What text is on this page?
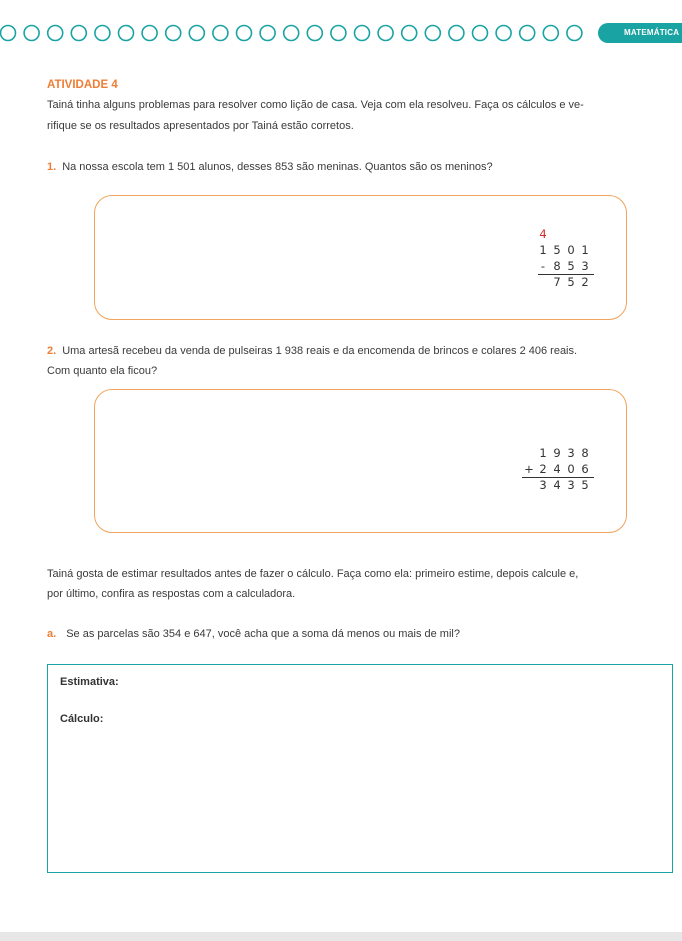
MATEMÁTICA
ATIVIDADE 4

Tainá tinha alguns problemas para resolver como lição de casa. Veja com ela resolveu. Faça os cálculos e ve-

rifique se os resultados apresentados por Tainá estão corretos.

1. Na nossa escola tem 1 501 alunos, desses 853 são meninas. Quantos são os meninos?

4
1 5 0 1
- 8 5 3
7 5 2

2. Uma artesã recebeu da venda de pulseiras 1 938 reais e da encomenda de brincos e colares 2 406 reais.

Com quanto ela ficou?

1 9 3 8
+ 2 4 0 6
3 4 3 5

Tainá gosta de estimar resultados antes de fazer o cálculo. Faça como ela: primeiro estime, depois calcule e,

por último, confira as respostas com a calculadora.

a. Se as parcelas são 354 e 647, você acha que a soma dá menos ou mais de mil?

Estimativa:
Cálculo:
